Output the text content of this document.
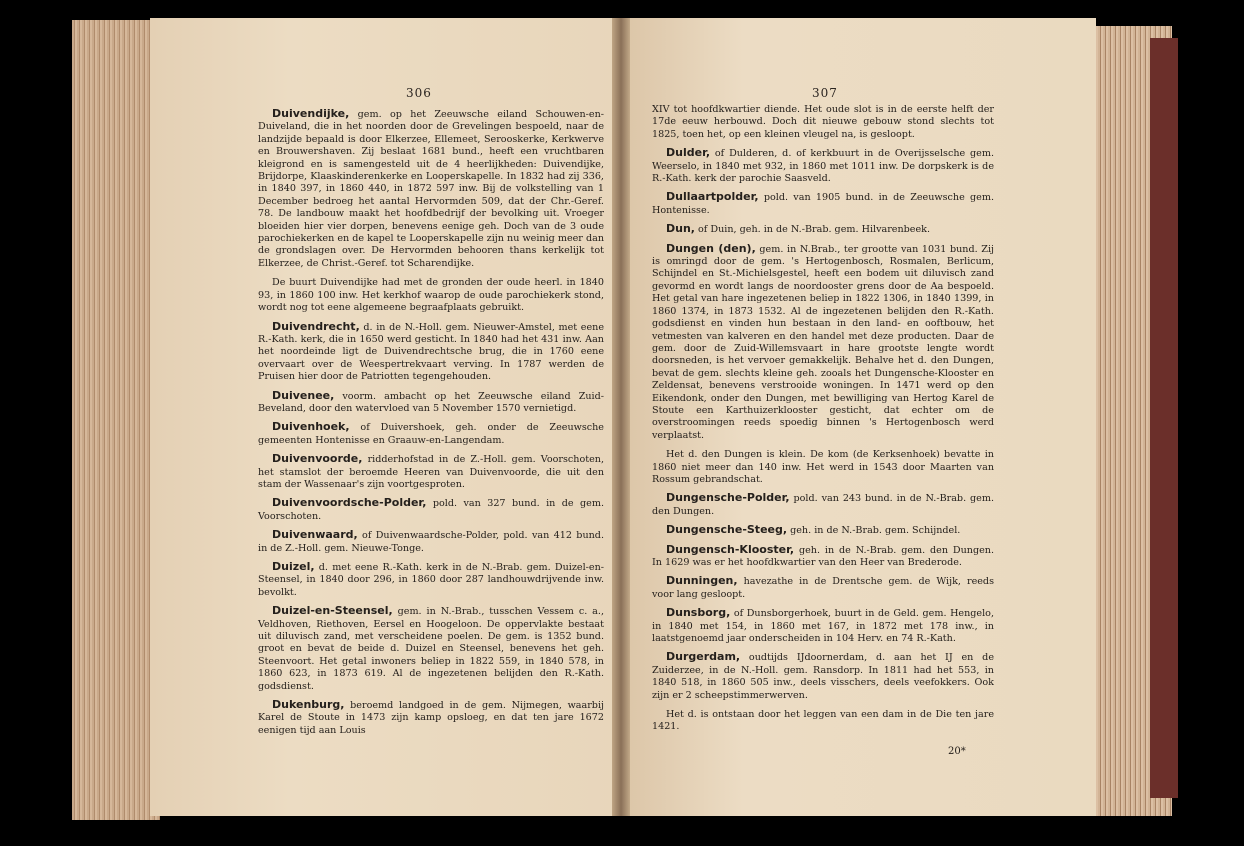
306	307

Duivendijke, gem. op het Zeeuwsche eiland Schouwen-en-Duiveland, die in het noorden door de Grevelingen bespoeld, naar de landzijde bepaald is door Elkerzee, Ellemeet, Serooskerke, Kerkwerve en Brouwershaven. Zij beslaat 1681 bund., heeft een vruchtbaren kleigrond en is samengesteld uit de 4 heerlijkheden: Duivendijke, Brijdorpe, Klaaskinderenkerke en Looperskapelle. In 1832 had zij 336, in 1840 397, in 1860 440, in 1872 597 inw. Bij de volkstelling van 1 December bedroeg het aantal Hervormden 509, dat der Chr.-Geref. 78. De landbouw maakt het hoofdbedrijf der bevolking uit. Vroeger bloeiden hier vier dorpen, benevens eenige geh. Doch van de 3 oude parochiekerken en de kapel te Looperskapelle zijn nu weinig meer dan de grondslagen over. De Hervormden behooren thans kerkelijk tot Elkerzee, de Christ.-Geref. tot Scharendijke.

De buurt Duivendijke had met de gronden der oude heerl. in 1840 93, in 1860 100 inw. Het kerkhof waarop de oude parochiekerk stond, wordt nog tot eene algemeene begraafplaats gebruikt.

Duivendrecht, d. in de N.-Holl. gem. Nieuwer-Amstel, met eene R.-Kath. kerk, die in 1650 werd gesticht. In 1840 had het 431 inw. Aan het noordeinde ligt de Duivendrechtsche brug, die in 1760 eene overvaart over de Weespertrekvaart verving. In 1787 werden de Pruisen hier door de Patriotten tegengehouden.

Duivenee, voorm. ambacht op het Zeeuwsche eiland Zuid-Beveland, door den watervloed van 5 November 1570 vernietigd.

Duivenhoek, of Duivershoek, geh. onder de Zeeuwsche gemeenten Hontenisse en Graauw-en-Langendam.

Duivenvoorde, ridderhofstad in de Z.-Holl. gem. Voorschoten, het stamslot der beroemde Heeren van Duivenvoorde, die uit den stam der Wassenaar's zijn voortgesproten.

Duivenvoordsche-Polder, pold. van 327 bund. in de gem. Voorschoten.

Duivenwaard, of Duivenwaardsche-Polder, pold. van 412 bund. in de Z.-Holl. gem. Nieuwe-Tonge.

Duizel, d. met eene R.-Kath. kerk in de N.-Brab. gem. Duizel-en-Steensel, in 1840 door 296, in 1860 door 287 landhouwdrijvende inw. bevolkt.

Duizel-en-Steensel, gem. in N.-Brab., tusschen Vessem c. a., Veldhoven, Riethoven, Eersel en Hoogeloon. De oppervlakte bestaat uit diluvisch zand, met verscheidene poelen. De gem. is 1352 bund. groot en bevat de beide d. Duizel en Steensel, benevens het geh. Steenvoort. Het getal inwoners beliep in 1822 559, in 1840 578, in 1860 623, in 1873 619. Al de ingezetenen belijden den R.-Kath. godsdienst.

Dukenburg, beroemd landgoed in de gem. Nijmegen, waarbij Karel de Stoute in 1473 zijn kamp opsloeg, en dat ten jare 1672 eenigen tijd aan Louis

XIV tot hoofdkwartier diende. Het oude slot is in de eerste helft der 17de eeuw herbouwd. Doch dit nieuwe gebouw stond slechts tot 1825, toen het, op een kleinen vleugel na, is gesloopt.

Dulder, of Dulderen, d. of kerkbuurt in de Overijsselsche gem. Weerselo, in 1840 met 932, in 1860 met 1011 inw. De dorpskerk is de R.-Kath. kerk der parochie Saasveld.

Dullaartpolder, pold. van 1905 bund. in de Zeeuwsche gem. Hontenisse.

Dun, of Duin, geh. in de N.-Brab. gem. Hilvarenbeek.

Dungen (den), gem. in N.Brab., ter grootte van 1031 bund. Zij is omringd door de gem. 's Hertogenbosch, Rosmalen, Berlicum, Schijndel en St.-Michielsgestel, heeft een bodem uit diluvisch zand gevormd en wordt langs de noordooster grens door de Aa bespoeld. Het getal van hare ingezetenen beliep in 1822 1306, in 1840 1399, in 1860 1374, in 1873 1532. Al de ingezetenen belijden den R.-Kath. godsdienst en vinden hun bestaan in den land- en ooftbouw, het vetmesten van kalveren en den handel met deze producten. Daar de gem. door de Zuid-Willemsvaart in hare grootste lengte wordt doorsneden, is het vervoer gemakkelijk. Behalve het d. den Dungen, bevat de gem. slechts kleine geh. zooals het Dungensche-Klooster en Zeldensat, benevens verstrooide woningen. In 1471 werd op den Eikendonk, onder den Dungen, met bewilliging van Hertog Karel de Stoute een Karthuizerklooster gesticht, dat echter om de overstroomingen reeds spoedig binnen 's Hertogenbosch werd verplaatst.

Het d. den Dungen is klein. De kom (de Kerksenhoek) bevatte in 1860 niet meer dan 140 inw. Het werd in 1543 door Maarten van Rossum gebrandschat.

Dungensche-Polder, pold. van 243 bund. in de N.-Brab. gem. den Dungen.

Dungensche-Steeg, geh. in de N.-Brab. gem. Schijndel.

Dungensch-Klooster, geh. in de N.-Brab. gem. den Dungen. In 1629 was er het hoofdkwartier van den Heer van Brederode.

Dunningen, havezathe in de Drentsche gem. de Wijk, reeds voor lang gesloopt.

Dunsborg, of Dunsborgerhoek, buurt in de Geld. gem. Hengelo, in 1840 met 154, in 1860 met 167, in 1872 met 178 inw., in laatstgenoemd jaar onderscheiden in 104 Herv. en 74 R.-Kath.

Durgerdam, oudtijds IJdoornerdam, d. aan het IJ en de Zuiderzee, in de N.-Holl. gem. Ransdorp. In 1811 had het 553, in 1840 518, in 1860 505 inw., deels visschers, deels veefokkers. Ook zijn er 2 scheepstimmerwerven.

Het d. is ontstaan door het leggen van een dam in de Die ten jare 1421.

20*
